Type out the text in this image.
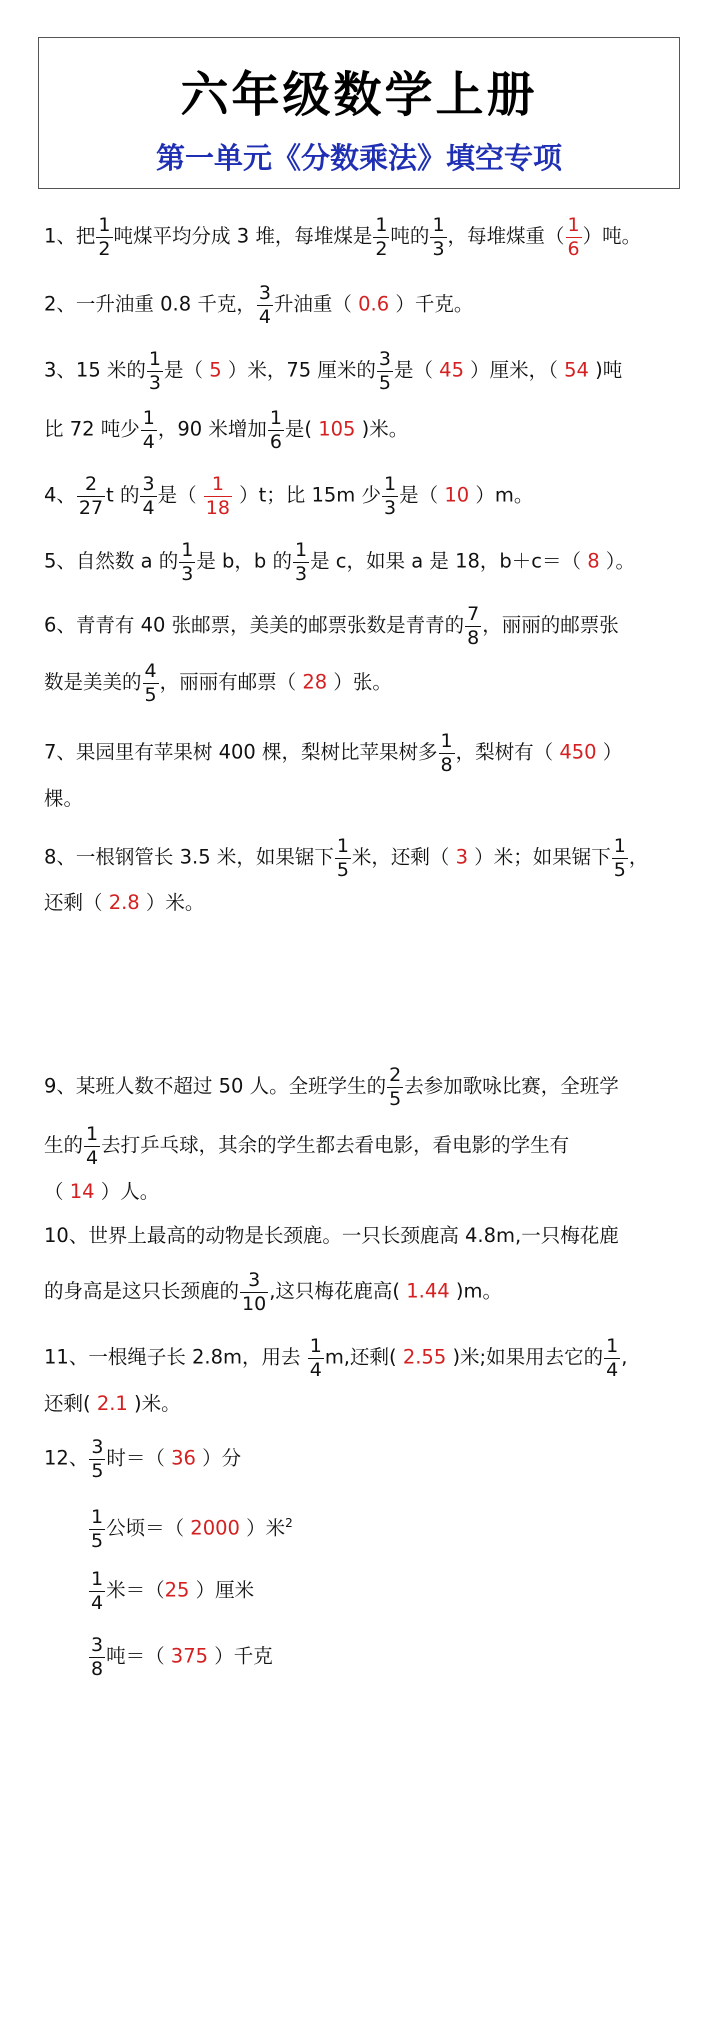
六年级数学上册
第一单元《分数乘法》填空专项
1、把 $\frac{1}{2}$ 吨煤平均分成 3 堆，每堆煤是 $\frac{1}{2}$ 吨的 $\frac{1}{3}$ ，每堆煤重（ $\frac{1}{6}$ ）吨。
2、一升油重 0.8 千克， $\frac{3}{4}$ 升油重（ 0.6 ）千克。
3、15 米的 $\frac{1}{3}$ 是（ 5 ）米，75 厘米的 $\frac{3}{5}$ 是（ 45 ）厘米，（ 54 )吨
比 72 吨少 $\frac{1}{4}$ ，90 米增加 $\frac{1}{6}$ 是( 105 )米。
4、 $\frac{2}{27}$ t 的 $\frac{3}{4}$ 是（ $\frac{1}{18} )t$；比 15m 少 $\frac{1}{3}$ 是（ 10 ）m。
5、自然数 a 的 $\frac{1}{3}$ 是 b，b 的 $\frac{1}{3}$ 是 c，如果 a 是 18，b＋c＝（ 8 ）。
6、青青有 40 张邮票，美美的邮票张数是青青的 $\frac{7}{8}$ ，丽丽的邮票张
数是美美的 $\frac{4}{5}$ ，丽丽有邮票（ 28 ）张。
7、果园里有苹果树 400 棵，梨树比苹果树多 $\frac{1}{8}$ ，梨树有（ 450 ）
棵。
8、一根钢管长 3.5 米，如果锯下 $\frac{1}{5}$ 米，还剩（ 3 ）米；如果锯下 $\frac{1}{5}$ ，
还剩（ 2.8 ）米。
9、某班人数不超过 50 人。全班学生的 $\frac{2}{5}$ 去参加歌咏比赛，全班学
生的 $\frac{1}{4}$ 去打乒乓球，其余的学生都去看电影，看电影的学生有
（ 14 ）人。
10、世界上最高的动物是长颈鹿。一只长颈鹿高 4.8m,一只梅花鹿
的身高是这只长颈鹿的 $\frac{3}{10}$ ,这只梅花鹿高( 1.44 )m。
11、一根绳子长 2.8m，用去 $\frac{1}{4} m$,还剩( 2.55 )米;如果用去它的 $\frac{1}{4}$ ,
还剩( 2.1 )米。
12、 $\frac{3}{5}$ 时＝（ 36 ）分
$\frac{1}{5}$ 公顷＝（ 2000 ）米$^2$
$\frac{1}{4}$ 米＝（25 ）厘米
$\frac{3}{8}$ 吨＝（ 375 ）千克
